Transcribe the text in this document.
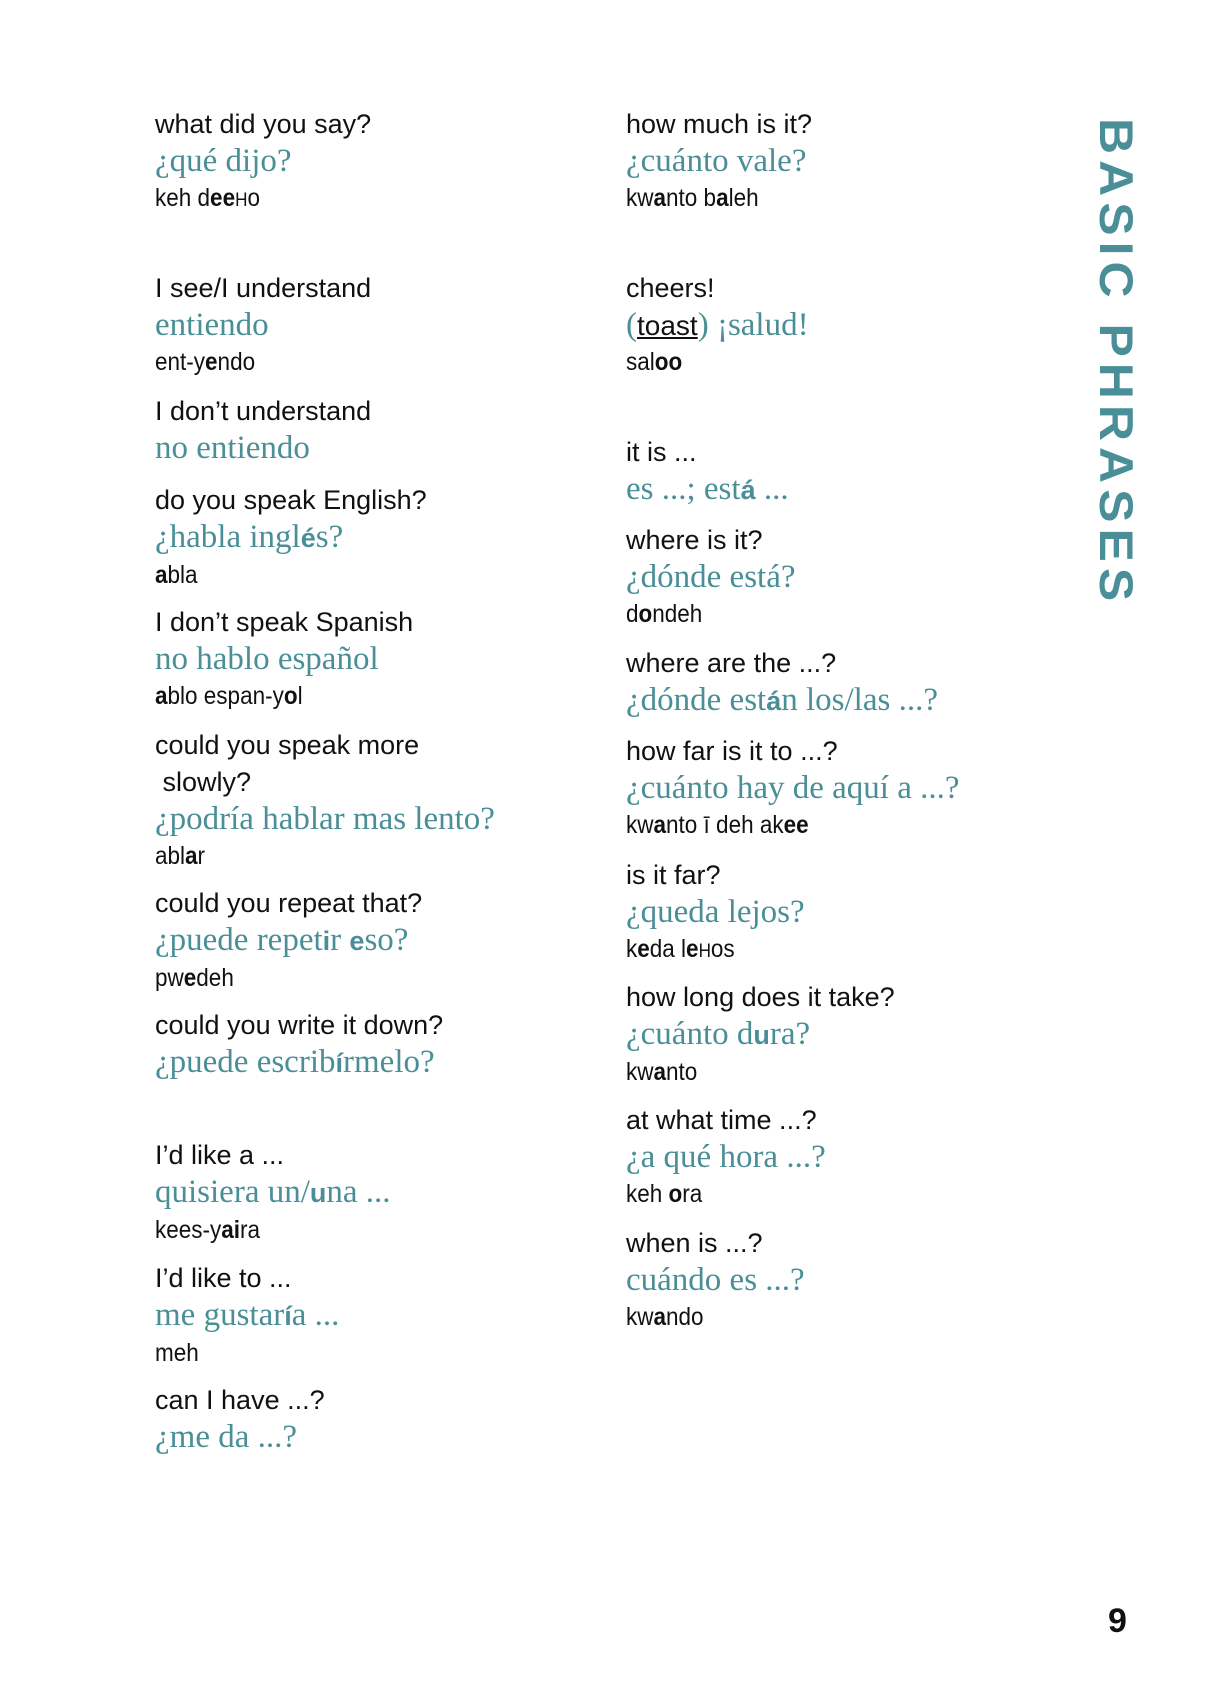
what did you say?

¿qué dijo?

keh deeHo

I see/I understand

entiendo

ent-yendo

I don’t understand

no entiendo

do you speak English?

¿habla inglés?

abla

I don’t speak Spanish

no hablo español

ablo espan-yol

could you speak more
slowly?

¿podría hablar mas lento?

ablar

could you repeat that?

¿puede repetir eso?

pwedeh

could you write it down?

¿puede escribírmelo?

I’d like a ...

quisiera un/una ...

kees-yaira

I’d like to ...

me gustaría ...

meh

can I have ...?

¿me da ...?

how much is it?

¿cuánto vale?

kwanto baleh

cheers!

(toast) ¡salud!

saloo

it is ...

es ...; está ...

where is it?

¿dónde está?

dondeh

where are the ...?

¿dónde están los/las ...?

how far is it to ...?

¿cuánto hay de aquí a ...?

kwanto ī deh akee

is it far?

¿queda lejos?

keda leHos

how long does it take?

¿cuánto dura?

kwanto

at what time ...?

¿a qué hora ...?

keh ora

when is ...?

cuándo es ...?

kwando

BASIC PHRASES
9
